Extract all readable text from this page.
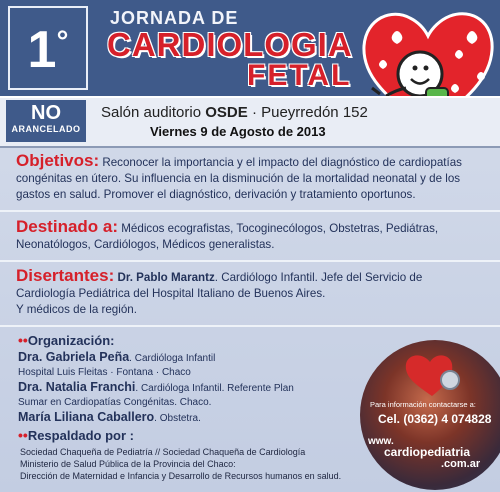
1°
JORNADA DE
CARDIOLOGIA
FETAL
NO
ARANCELADO
Salón auditorio OSDE · Pueyrredón 152
Viernes 9 de Agosto de 2013
Objetivos: Reconocer la importancia y el impacto del diagnóstico de cardiopatías
congénitas en útero. Su influencia en la disminución de la mortalidad neonatal y de los
gastos en salud. Promover el diagnóstico, derivación y tratamiento oportunos.
Destinado a: Médicos ecografistas, Tocoginecólogos, Obstetras, Pediátras,
Neonatólogos, Cardiólogos, Médicos generalistas.
Disertantes: Dr. Pablo Marantz. Cardiólogo Infantil. Jefe del Servicio de
Cardiología Pediátrica del Hospital Italiano de Buenos Aires.
Y médicos de la región.
••Organización:
Dra. Gabriela Peña. Cardióloga Infantil
Hospital Luis Fleitas · Fontana · Chaco
Dra. Natalia Franchi. Cardióloga Infantil. Referente Plan
Sumar en Cardiopatías Congénitas. Chaco.
María Liliana Caballero. Obstetra.
••Respaldado por :
Para información contactarse a:
Cel. (0362) 4 074828
www.
cardiopediatria
.com.ar
Sociedad Chaqueña de Pediatría // Sociedad Chaqueña de Cardiología
Ministerio de Salud Pública de la Provincia del Chaco:
Dirección de Maternidad e Infancia y Desarrollo de Recursos humanos en salud.
